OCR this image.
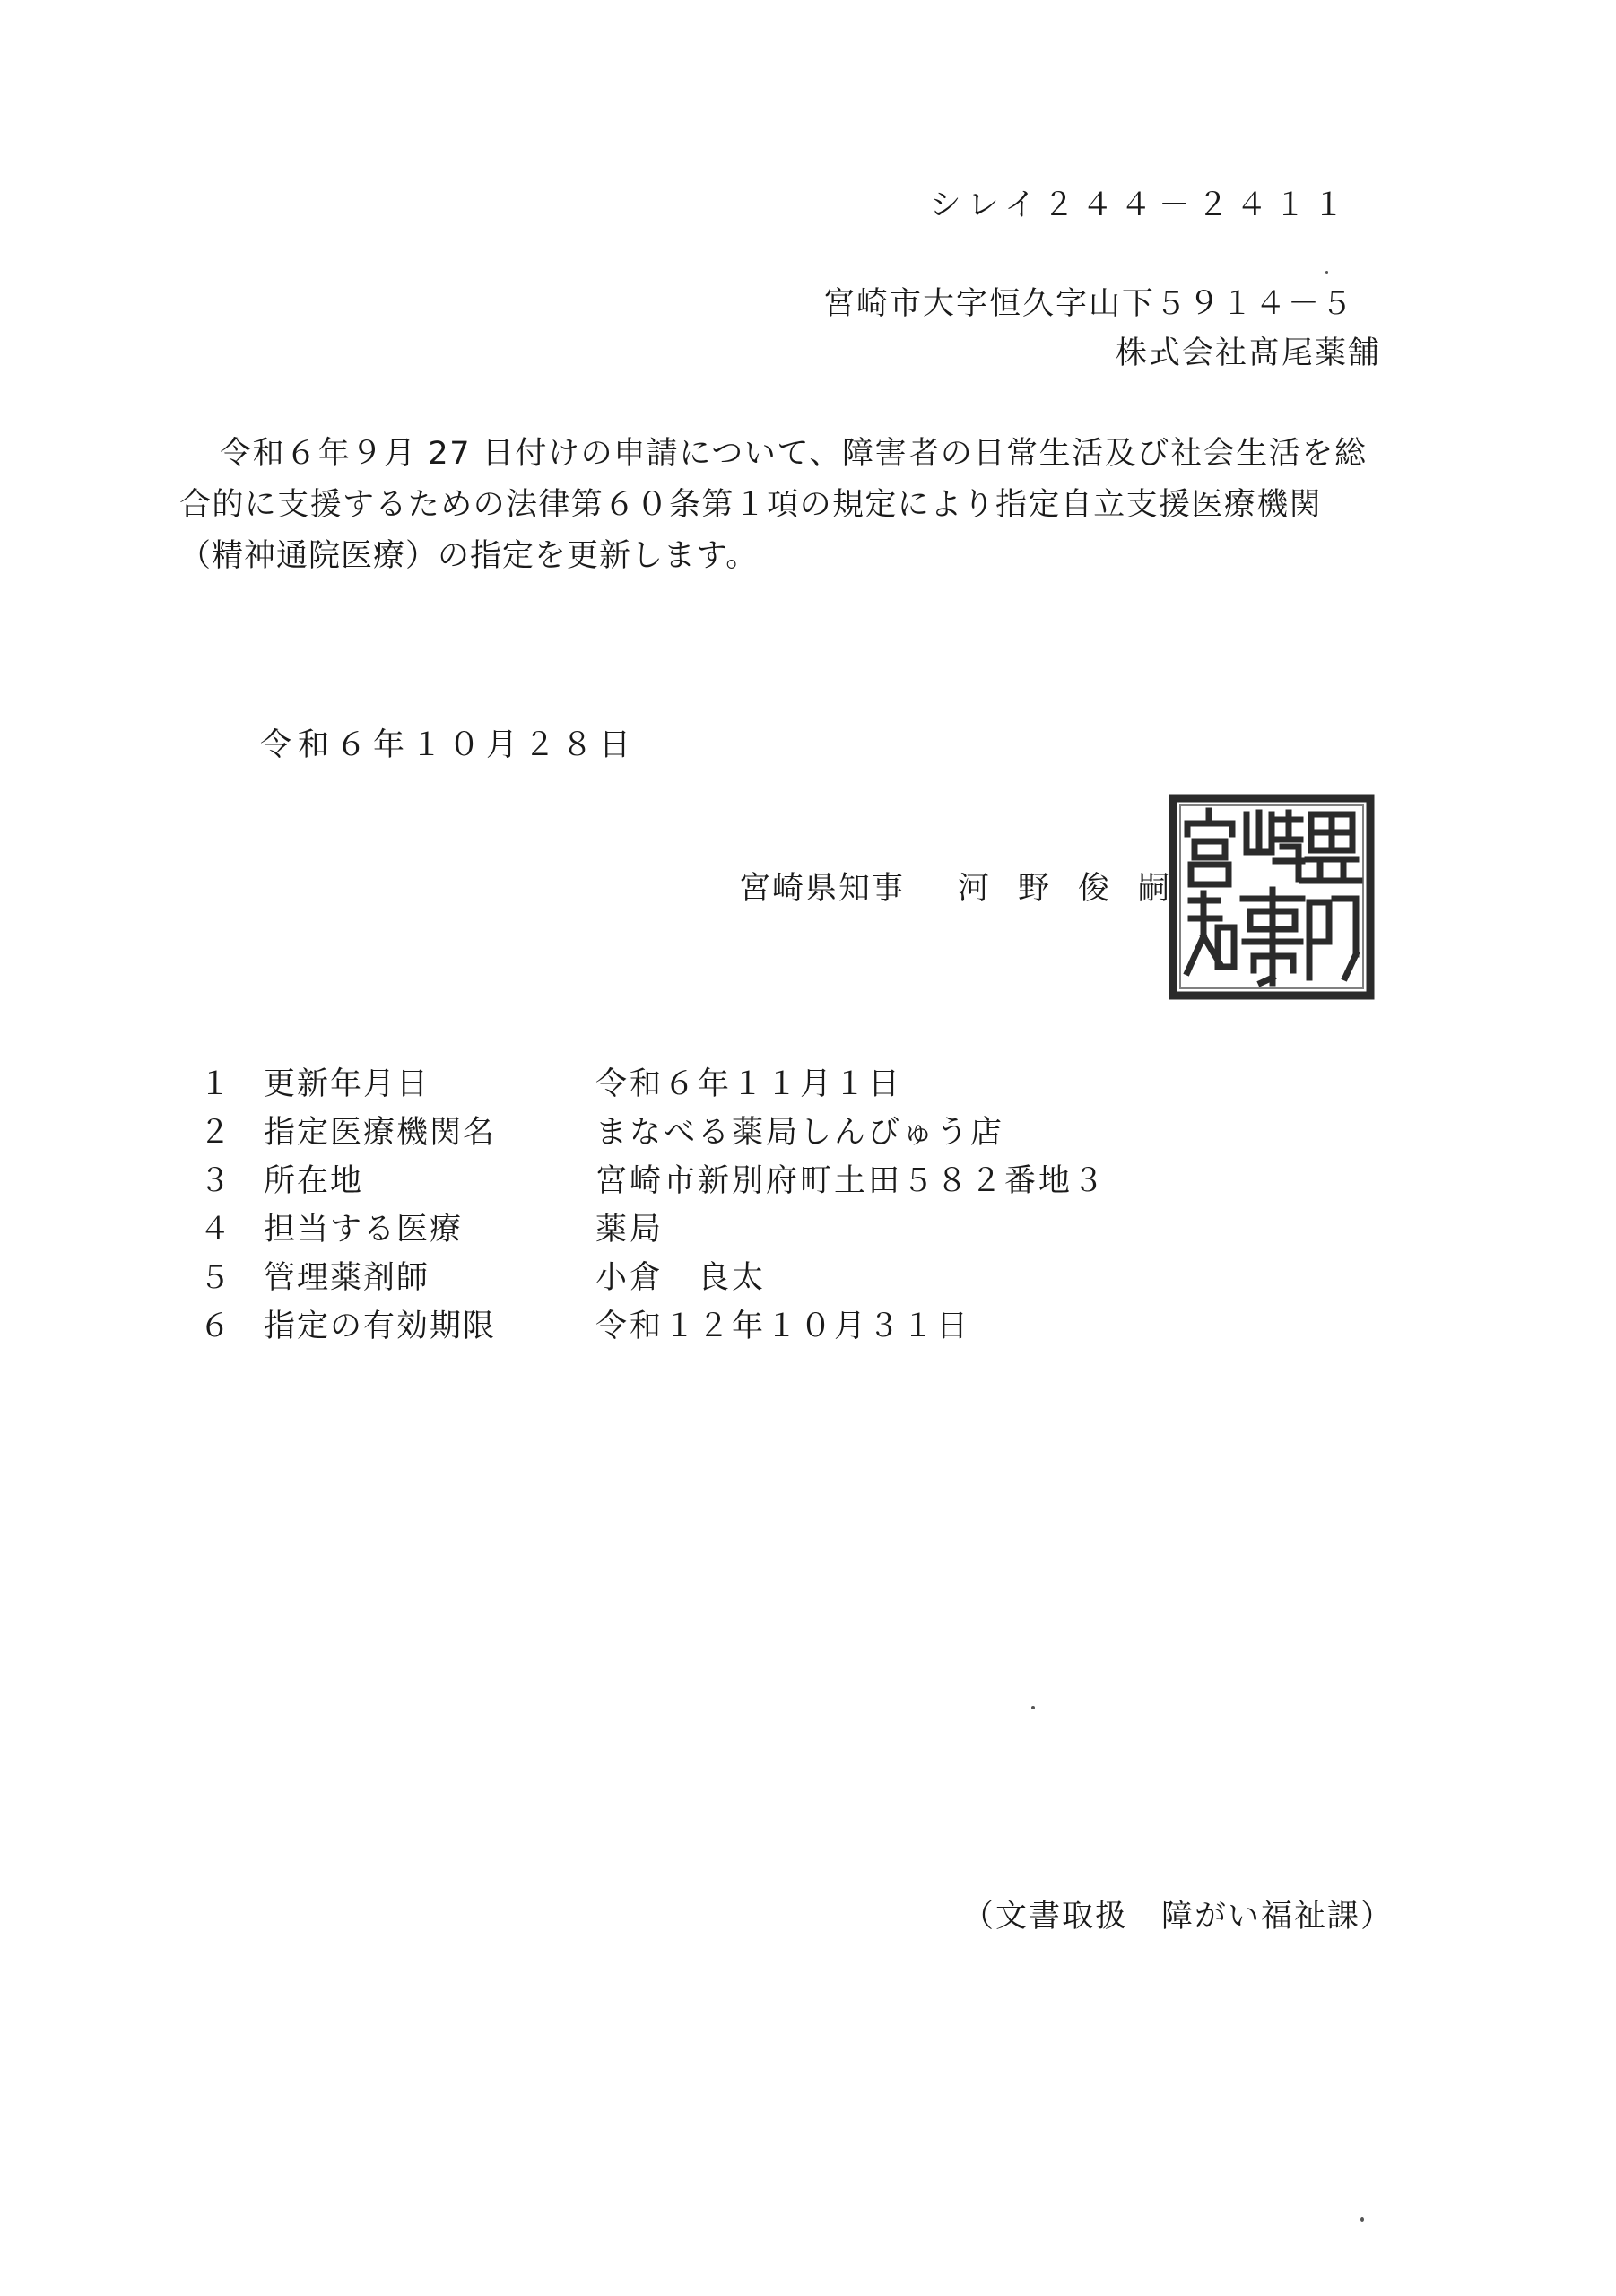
シレイ２４４－２４１１
宮崎市大字恒久字山下５９１４－５
株式会社髙尾薬舗
令和６年９月 27 日付けの申請について、障害者の日常生活及び社会生活を総
合的に支援するための法律第６０条第１項の規定により指定自立支援医療機関
（精神通院医療）の指定を更新します。
令和６年１０月２８日
宮崎県知事 河野俊嗣
１ 更新年月日	令和６年１１月１日
２ 指定医療機関名	まなべる薬局しんびゅう店
３ 所在地	宮崎市新別府町土田５８２番地３
４ 担当する医療	薬局
５ 管理薬剤師	小倉　良太
６ 指定の有効期限	令和１２年１０月３１日
（文書取扱　障がい福祉課）
